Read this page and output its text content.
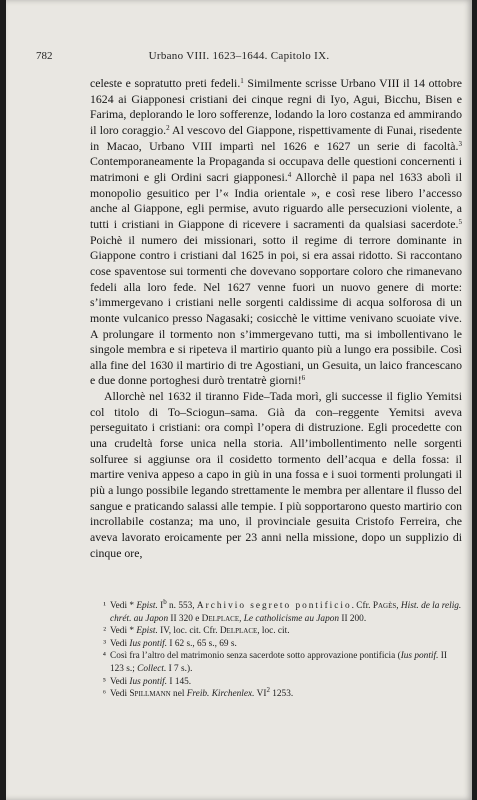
782	Urbano VIII. 1623–1644. Capitolo IX.

celeste e sopratutto preti fedeli.$^1$ Similmente scrisse Urbano VIII il 14 ottobre 1624 ai Giapponesi cristiani dei cinque regni di Iyo, Agui, Bicchu, Bisen e Farima, deplorando le loro sofferenze, lodando la loro costanza ed ammirando il loro coraggio.$^2$ Al vescovo del Giappone, rispettivamente di Funai, risedente in Macao, Urbano VIII impartì nel 1626 e 1627 un serie di facoltà.$^3$ Contemporaneamente la Propaganda si occupava delle questioni concernenti i matrimoni e gli Ordini sacri giapponesi.$^4$ Allorchè il papa nel 1633 abolì il monopolio gesuitico per l’« India orientale », e così rese libero l’accesso anche al Giappone, egli permise, avuto riguardo alle persecuzioni violente, a tutti i cristiani in Giappone di ricevere i sacramenti da qualsiasi sacerdote.$^5$ Poichè il numero dei missionari, sotto il regime di terrore dominante in Giappone contro i cristiani dal 1625 in poi, si era assai ridotto. Si raccontano cose spaventose sui tormenti che dovevano sopportare coloro che rimanevano fedeli alla loro fede. Nel 1627 venne fuori un nuovo genere di morte: s’immergevano i cristiani nelle sorgenti caldissime di acqua solforosa di un monte vulcanico presso Nagasaki; cosicchè le vittime venivano scuoiate vive. A prolungare il tormento non s’immergevano tutti, ma si imbollentivano le singole membra e si ripeteva il martirio quanto più a lungo era possibile. Così alla fine del 1630 il martirio di tre Agostiani, un Gesuita, un laico francescano e due donne portoghesi durò trentatrè giorni!$^6$

Allorchè nel 1632 il tiranno Fide–Tada morì, gli successe il figlio Yemitsi col titolo di To–Sciogun–sama. Già da con–reggente Yemitsi aveva perseguitato i cristiani: ora compì l’opera di distruzione. Egli procedette con una crudeltà forse unica nella storia. All’imbollentimento nelle sorgenti solfuree si aggiunse ora il cosidetto tormento dell’acqua e della fossa: il martire veniva appeso a capo in giù in una fossa e i suoi tormenti prolungati il più a lungo possibile legando strettamente le membra per allentare il flusso del sangue e praticando salassi alle tempie. I più sopportarono questo martirio con incrollabile costanza; ma uno, il provinciale gesuita Cristofo Ferreira, che aveva lavorato eroicamente per 23 anni nella missione, dopo un supplizio di cinque ore,

¹ Vedi * Epist. $I^b$ n. 553, Archivio segreto pontificio. Cfr. Pagès, Hist. de la relig. chrét. au Japon II 320 e Delplace, Le catholicisme au Japon II 200.
² Vedi * Epist. IV, loc. cit. Cfr. Delplace, loc. cit.
³ Vedi Ius pontif. I 62 s., 65 s., 69 s.
⁴ Così fra l’altro del matrimonio senza sacerdote sotto approvazione pontificia (Ius pontif. II 123 s.; Collect. I 7 s.).
⁵ Vedi Ius pontif. I 145.
⁶ Vedi Spillmann nel Freib. Kirchenlex. $VI^2$ 1253.
